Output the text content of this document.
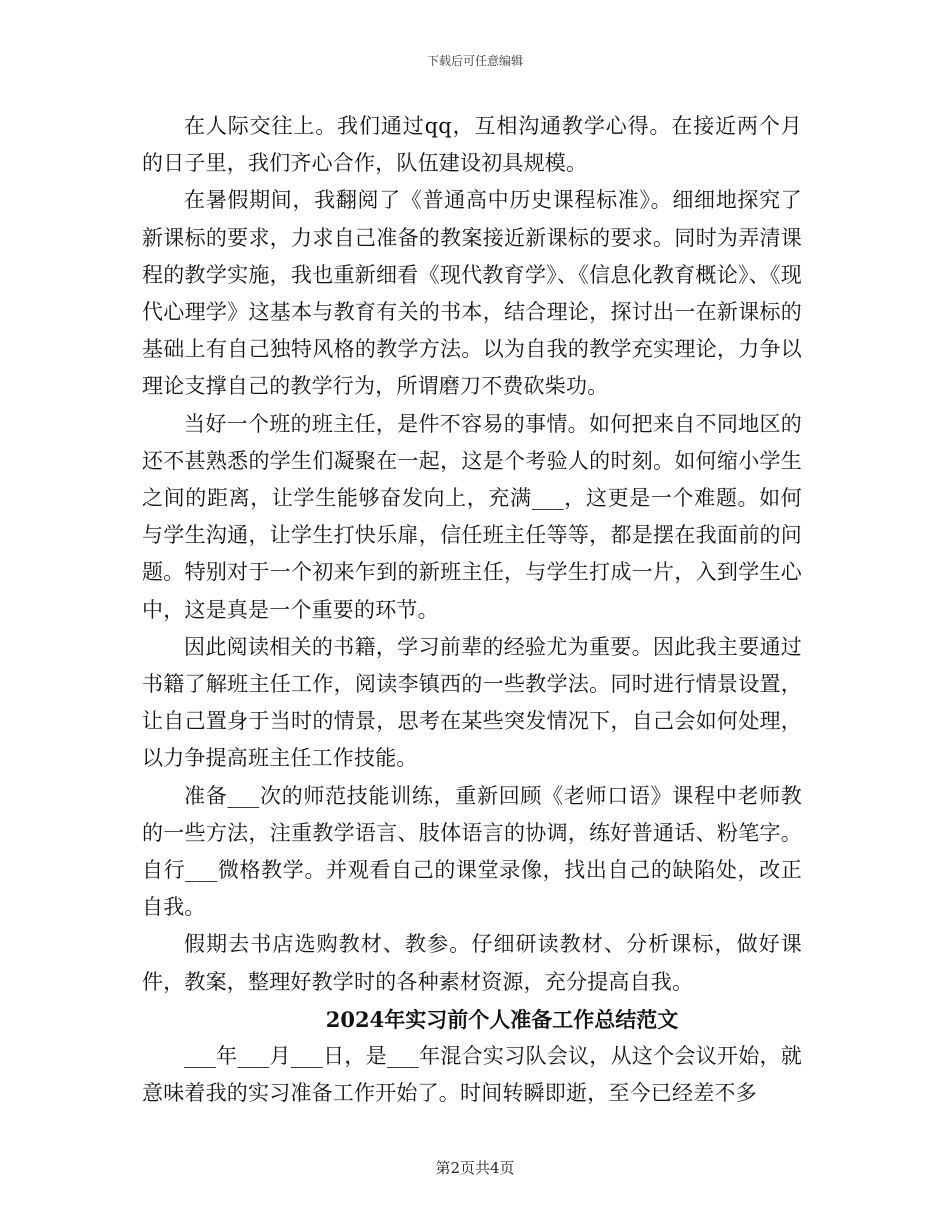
下载后可任意编辑

在人际交往上。我们通过qq，互相沟通教学心得。在接近两个月的日子里，我们齐心合作，队伍建设初具规模。

在暑假期间，我翻阅了《普通高中历史课程标准》。细细地探究了新课标的要求，力求自己准备的教案接近新课标的要求。同时为弄清课程的教学实施，我也重新细看《现代教育学》、《信息化教育概论》、《现代心理学》这基本与教育有关的书本，结合理论，探讨出一在新课标的基础上有自己独特风格的教学方法。以为自我的教学充实理论，力争以理论支撑自己的教学行为，所谓磨刀不费砍柴功。

当好一个班的班主任，是件不容易的事情。如何把来自不同地区的还不甚熟悉的学生们凝聚在一起，这是个考验人的时刻。如何缩小学生之间的距离，让学生能够奋发向上，充满___，这更是一个难题。如何与学生沟通，让学生打快乐扉，信任班主任等等，都是摆在我面前的问题。特别对于一个初来乍到的新班主任，与学生打成一片，入到学生心中，这是真是一个重要的环节。

因此阅读相关的书籍，学习前辈的经验尤为重要。因此我主要通过书籍了解班主任工作，阅读李镇西的一些教学法。同时进行情景设置，让自己置身于当时的情景，思考在某些突发情况下，自己会如何处理，以力争提高班主任工作技能。

准备___次的师范技能训练，重新回顾《老师口语》课程中老师教的一些方法，注重教学语言、肢体语言的协调，练好普通话、粉笔字。自行___微格教学。并观看自己的课堂录像，找出自己的缺陷处，改正自我。

假期去书店选购教材、教参。仔细研读教材、分析课标，做好课件，教案，整理好教学时的各种素材资源，充分提高自我。

2024年实习前个人准备工作总结范文

___年___月___日，是___年混合实习队会议，从这个会议开始，就意味着我的实习准备工作开始了。时间转瞬即逝，至今已经差不多

第2页共4页
